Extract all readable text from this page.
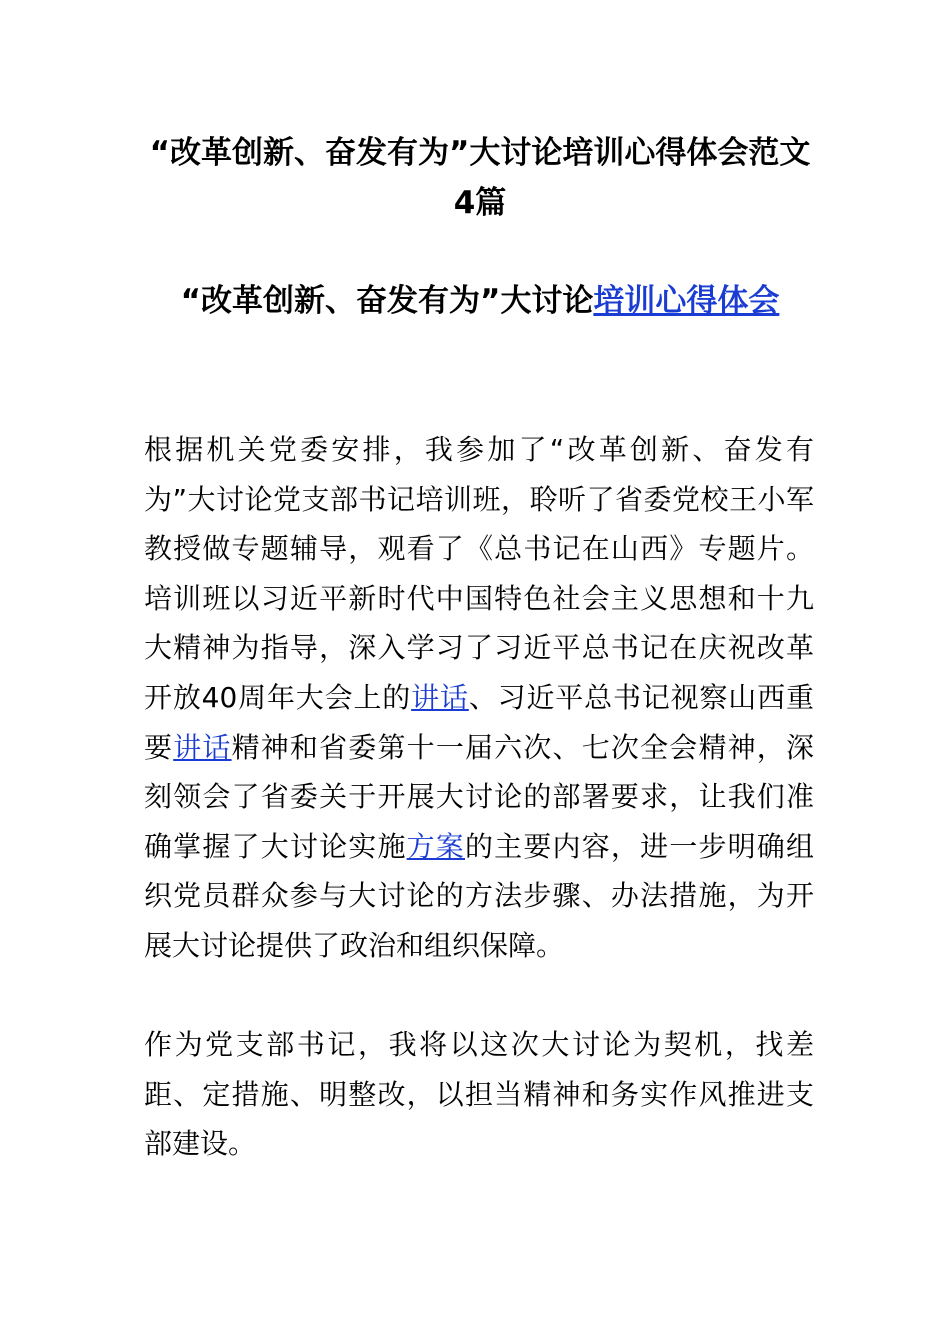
“改革创新、奋发有为”大讨论培训心得体会范文4篇
“改革创新、奋发有为”大讨论培训心得体会

根据机关党委安排，我参加了“改革创新、奋发有为”大讨论党支部书记培训班，聆听了省委党校王小军教授做专题辅导，观看了《总书记在山西》专题片。培训班以习近平新时代中国特色社会主义思想和十九大精神为指导，深入学习了习近平总书记在庆祝改革开放40周年大会上的讲话、习近平总书记视察山西重要讲话精神和省委第十一届六次、七次全会精神，深刻领会了省委关于开展大讨论的部署要求，让我们准确掌握了大讨论实施方案的主要内容，进一步明确组织党员群众参与大讨论的方法步骤、办法措施，为开展大讨论提供了政治和组织保障。

作为党支部书记，我将以这次大讨论为契机，找差距、定措施、明整改，以担当精神和务实作风推进支部建设。
